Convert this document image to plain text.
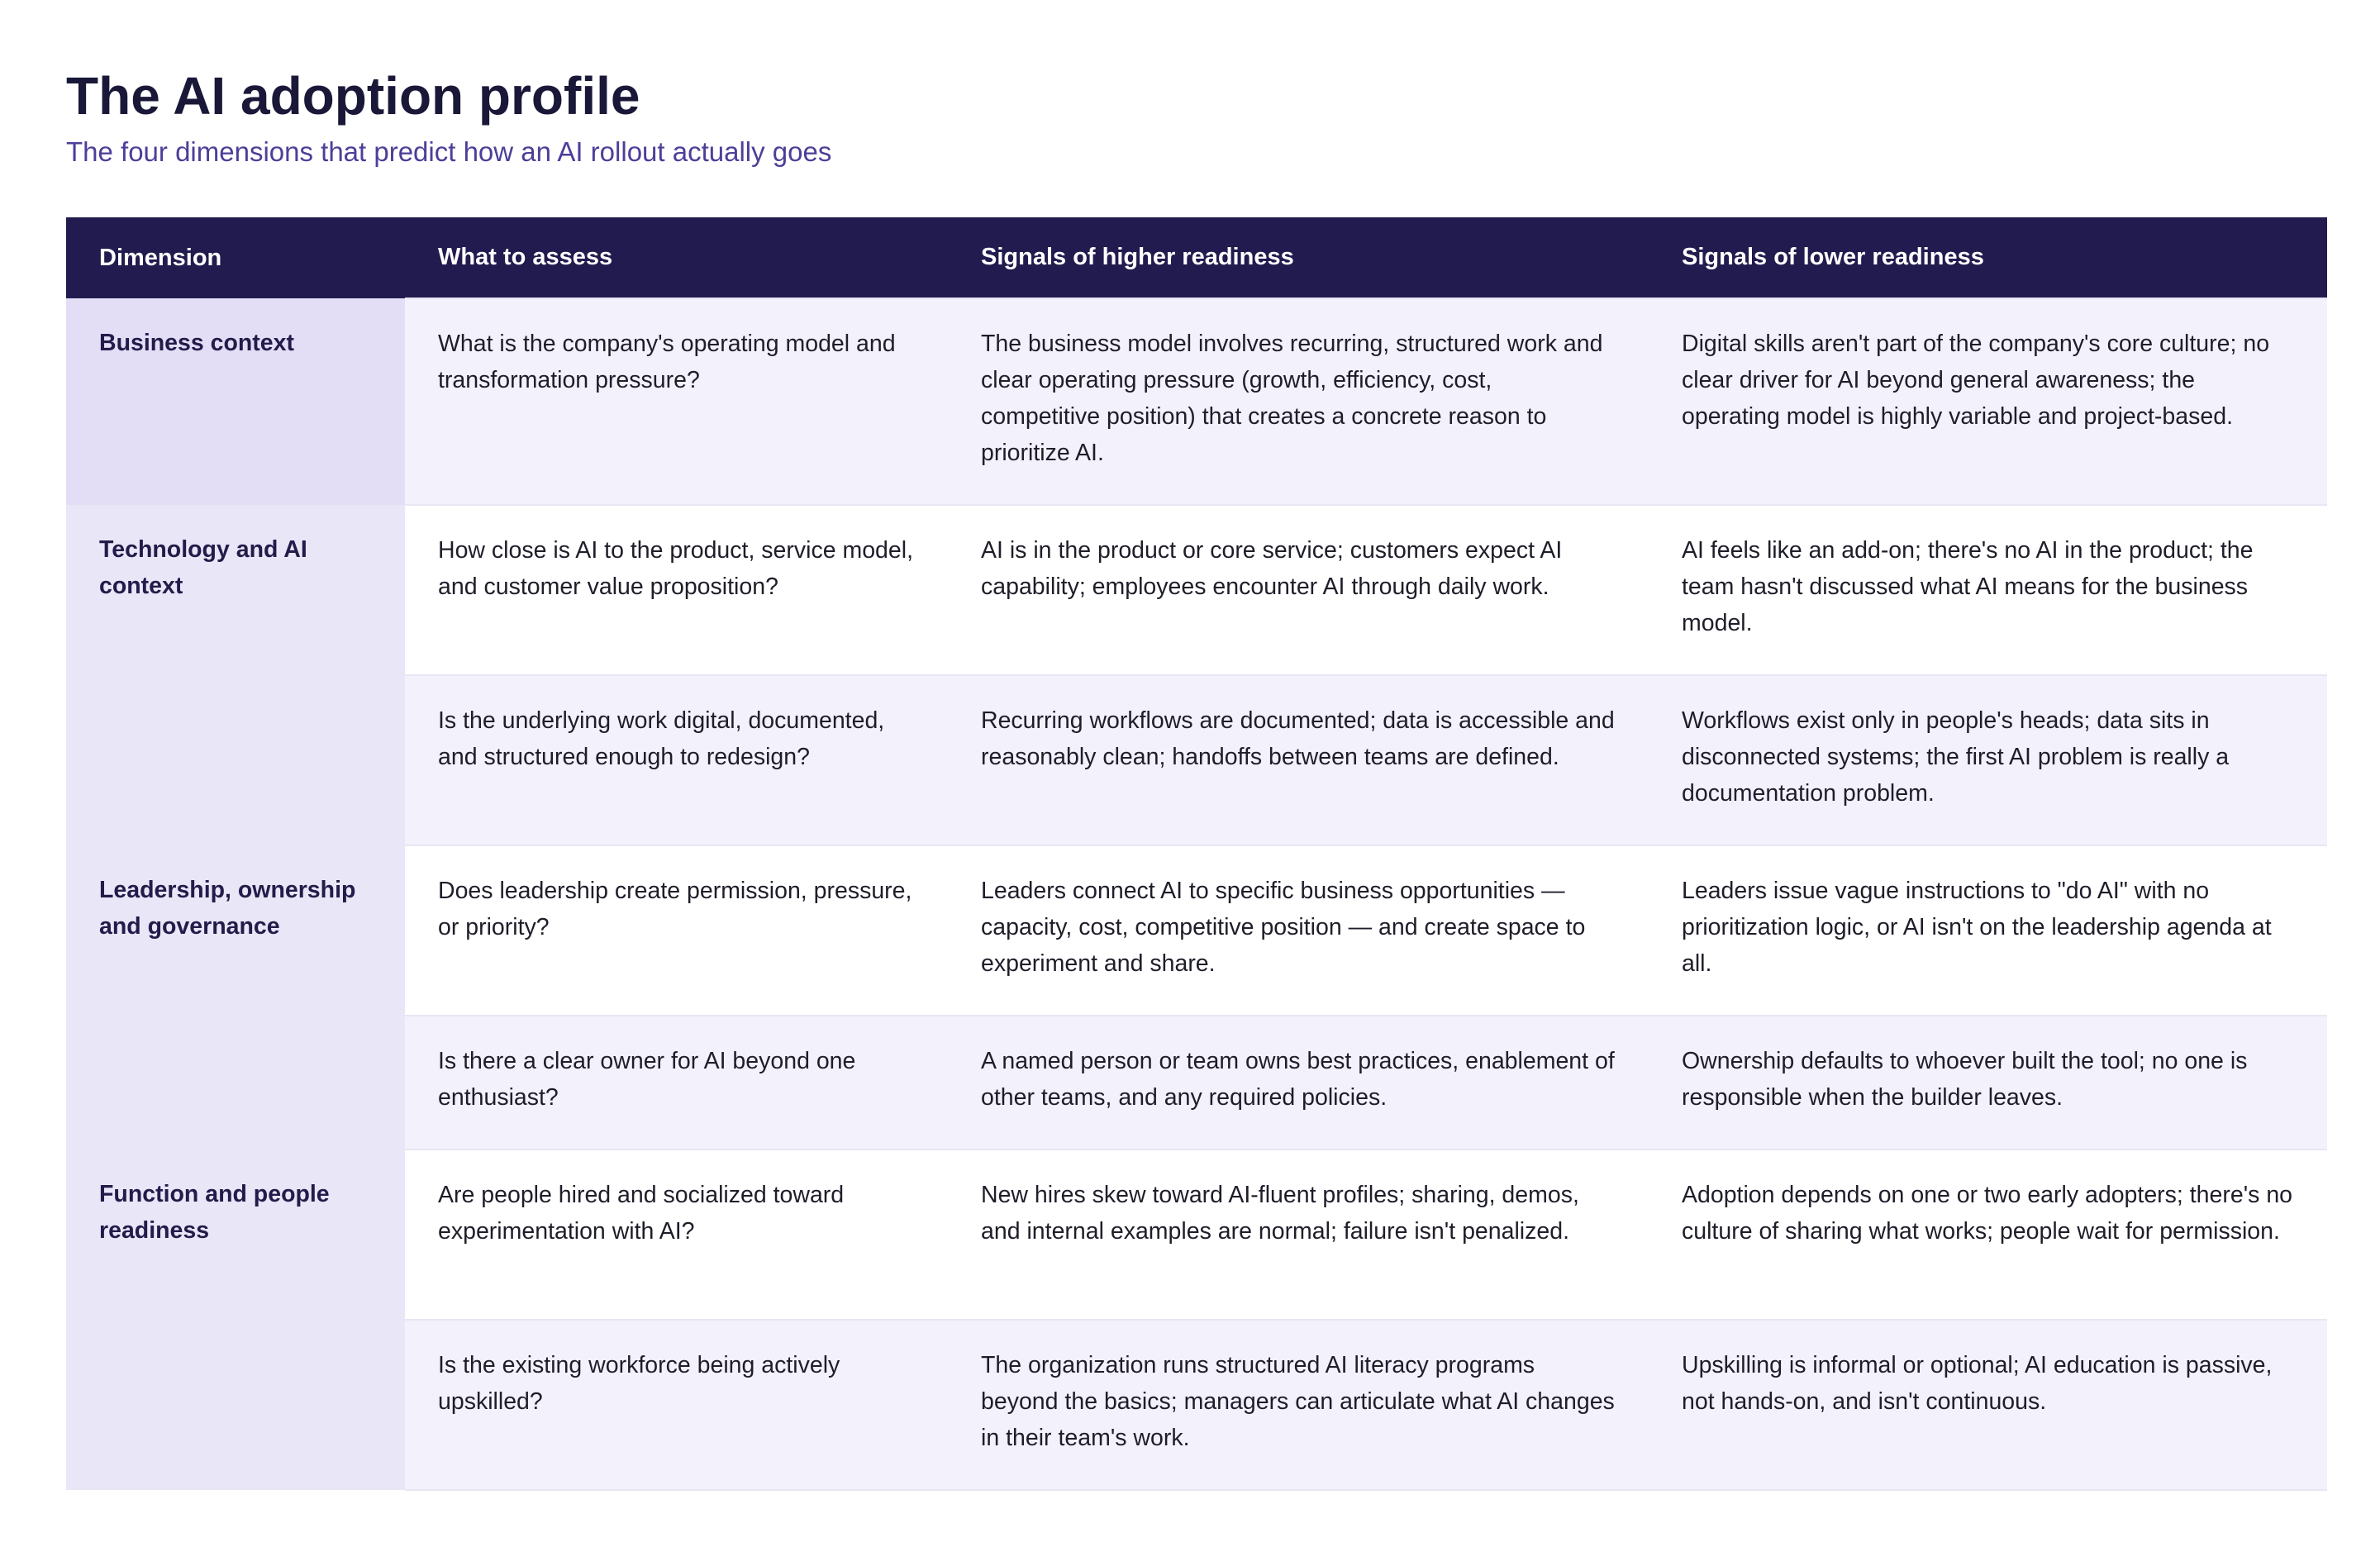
The AI adoption profile

The four dimensions that predict how an AI rollout actually goes

Dimension	What to assess	Signals of higher readiness	Signals of lower readiness
Business context	What is the company's operating model and transformation pressure?	The business model involves recurring, structured work and clear operating pressure (growth, efficiency, cost, competitive position) that creates a concrete reason to prioritize AI.	Digital skills aren't part of the company's core culture; no clear driver for AI beyond general awareness; the operating model is highly variable and project-based.
Technology and AI context	How close is AI to the product, service model, and customer value proposition?	AI is in the product or core service; customers expect AI capability; employees encounter AI through daily work.	AI feels like an add-on; there's no AI in the product; the team hasn't discussed what AI means for the business model.
	Is the underlying work digital, documented, and structured enough to redesign?	Recurring workflows are documented; data is accessible and reasonably clean; handoffs between teams are defined.	Workflows exist only in people's heads; data sits in disconnected systems; the first AI problem is really a documentation problem.
Leadership, ownership and governance	Does leadership create permission, pressure, or priority?	Leaders connect AI to specific business opportunities — capacity, cost, competitive position — and create space to experiment and share.	Leaders issue vague instructions to "do AI" with no prioritization logic, or AI isn't on the leadership agenda at all.
	Is there a clear owner for AI beyond one enthusiast?	A named person or team owns best practices, enablement of other teams, and any required policies.	Ownership defaults to whoever built the tool; no one is responsible when the builder leaves.
Function and people readiness	Are people hired and socialized toward experimentation with AI?	New hires skew toward AI-fluent profiles; sharing, demos, and internal examples are normal; failure isn't penalized.	Adoption depends on one or two early adopters; there's no culture of sharing what works; people wait for permission.
	Is the existing workforce being actively upskilled?	The organization runs structured AI literacy programs beyond the basics; managers can articulate what AI changes in their team's work.	Upskilling is informal or optional; AI education is passive, not hands-on, and isn't continuous.
